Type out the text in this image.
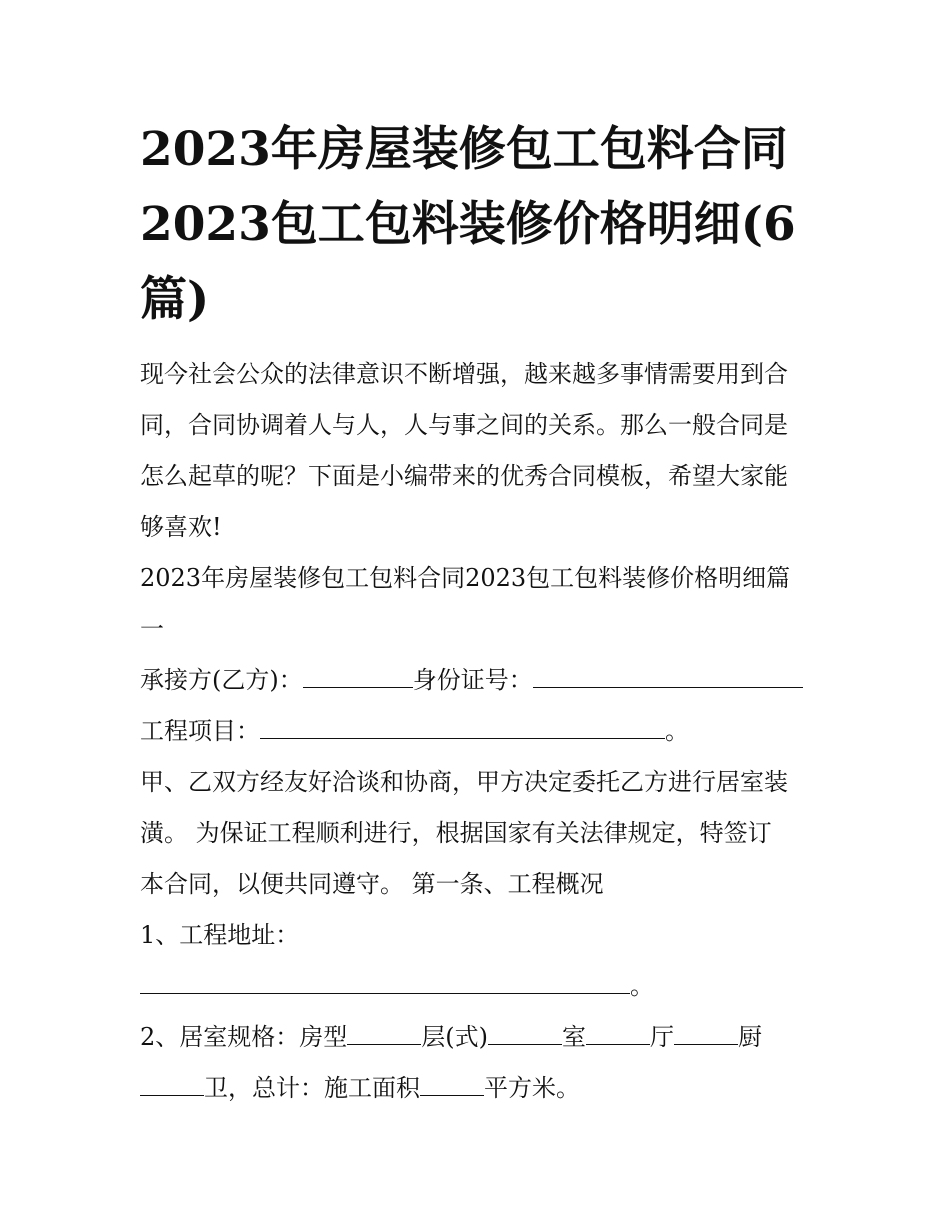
2023年房屋装修包工包料合同
2023包工包料装修价格明细(6
篇)

现今社会公众的法律意识不断增强，越来越多事情需要用到合

同，合同协调着人与人，人与事之间的关系。那么一般合同是

怎么起草的呢？下面是小编带来的优秀合同模板，希望大家能

够喜欢!

2023年房屋装修包工包料合同2023包工包料装修价格明细篇

一

承接方(乙方)：	身份证号：

工程项目：	。

甲、乙双方经友好洽谈和协商，甲方决定委托乙方进行居室装

潢。 为保证工程顺利进行，根据国家有关法律规定，特签订

本合同，以便共同遵守。 第一条、工程概况

1、工程地址：

。

2、居室规格：房型	层(式)	室	厅	厨

卫，总计：施工面积	平方米。
